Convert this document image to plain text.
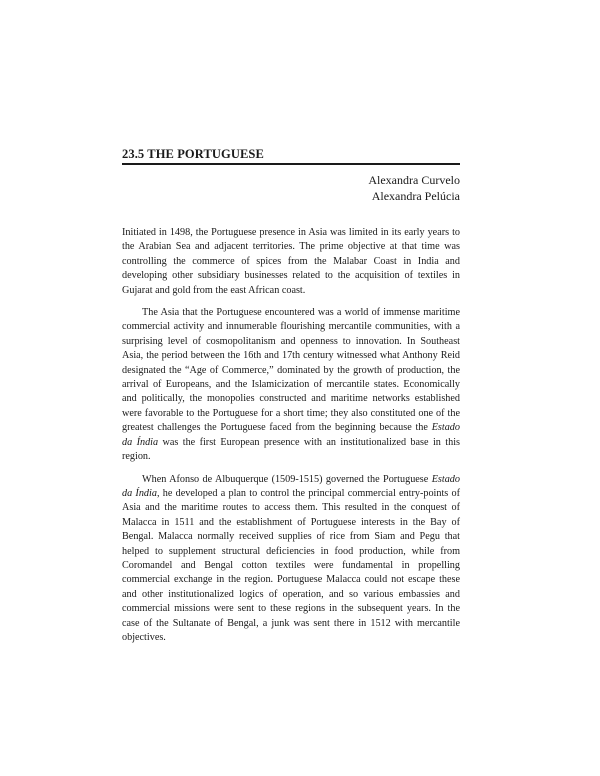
23.5 THE PORTUGUESE
Alexandra Curvelo
Alexandra Pelúcia

Initiated in 1498, the Portuguese presence in Asia was limited in its early years to the Arabian Sea and adjacent territories. The prime objective at that time was controlling the commerce of spices from the Malabar Coast in India and developing other subsidiary businesses related to the acquisition of textiles in Gujarat and gold from the east African coast.

The Asia that the Portuguese encountered was a world of immense maritime commercial activity and innumerable flourishing mercantile communities, with a surprising level of cosmopolitanism and openness to innovation. In Southeast Asia, the period between the 16th and 17th century witnessed what Anthony Reid designated the “Age of Commerce,” dominated by the growth of production, the arrival of Europeans, and the Islamicization of mercantile states. Economically and politically, the monopolies constructed and maritime networks established were favorable to the Portuguese for a short time; they also constituted one of the greatest challenges the Portuguese faced from the beginning because the Estado da Índia was the first European presence with an institutionalized base in this region.

When Afonso de Albuquerque (1509-1515) governed the Portuguese Estado da Índia, he developed a plan to control the principal commercial entry-points of Asia and the maritime routes to access them. This resulted in the conquest of Malacca in 1511 and the establishment of Portuguese interests in the Bay of Bengal. Malacca normally received supplies of rice from Siam and Pegu that helped to supplement structural deficiencies in food production, while from Coromandel and Bengal cotton textiles were fundamental in propelling commercial exchange in the region. Portuguese Malacca could not escape these and other institutionalized logics of operation, and so various embassies and commercial missions were sent to these regions in the subsequent years. In the case of the Sultanate of Bengal, a junk was sent there in 1512 with mercantile objectives.
